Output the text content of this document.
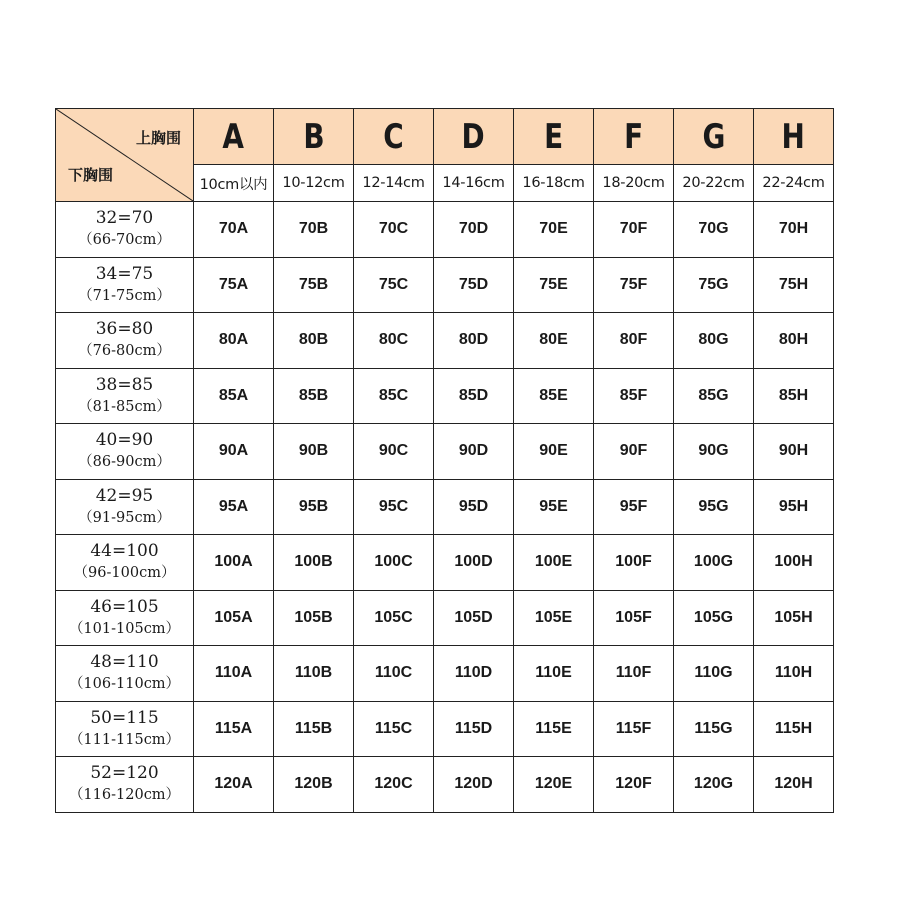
上胸围
下胸围	A	B	C	D	E	F	G	H
	10cm以内	10-12cm	12-14cm	14-16cm	16-18cm	18-20cm	20-22cm	22-24cm

32=70
（66-70cm）	70A	70B	70C	70D	70E	70F	70G	70H

34=75
（71-75cm）	75A	75B	75C	75D	75E	75F	75G	75H

36=80
（76-80cm）	80A	80B	80C	80D	80E	80F	80G	80H

38=85
（81-85cm）	85A	85B	85C	85D	85E	85F	85G	85H

40=90
（86-90cm）	90A	90B	90C	90D	90E	90F	90G	90H

42=95
（91-95cm）	95A	95B	95C	95D	95E	95F	95G	95H

44=100
（96-100cm）	100A	100B	100C	100D	100E	100F	100G	100H

46=105
（101-105cm）	105A	105B	105C	105D	105E	105F	105G	105H

48=110
（106-110cm）	110A	110B	110C	110D	110E	110F	110G	110H

50=115
（111-115cm）	115A	115B	115C	115D	115E	115F	115G	115H

52=120
（116-120cm）	120A	120B	120C	120D	120E	120F	120G	120H
